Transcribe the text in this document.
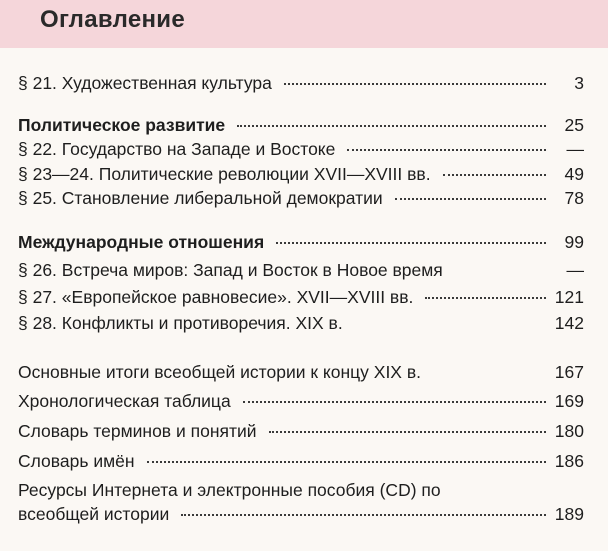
Оглавление
§ 21. Художественная культура	3
Политическое развитие	25
§ 22. Государство на Западе и Востоке	—
§ 23—24. Политические революции XVII—XVIII вв.	49
§ 25. Становление либеральной демократии	78
Международные отношения	99
§ 26. Встреча миров: Запад и Восток в Новое время	—
§ 27. «Европейское равновесие». XVII—XVIII вв.	121
§ 28. Конфликты и противоречия. XIX в.	142
Основные итоги всеобщей истории к концу XIX в.	167
Хронологическая таблица	169
Словарь терминов и понятий	180
Словарь имён	186
Ресурсы Интернета и электронные пособия (CD) по
всеобщей истории	189
